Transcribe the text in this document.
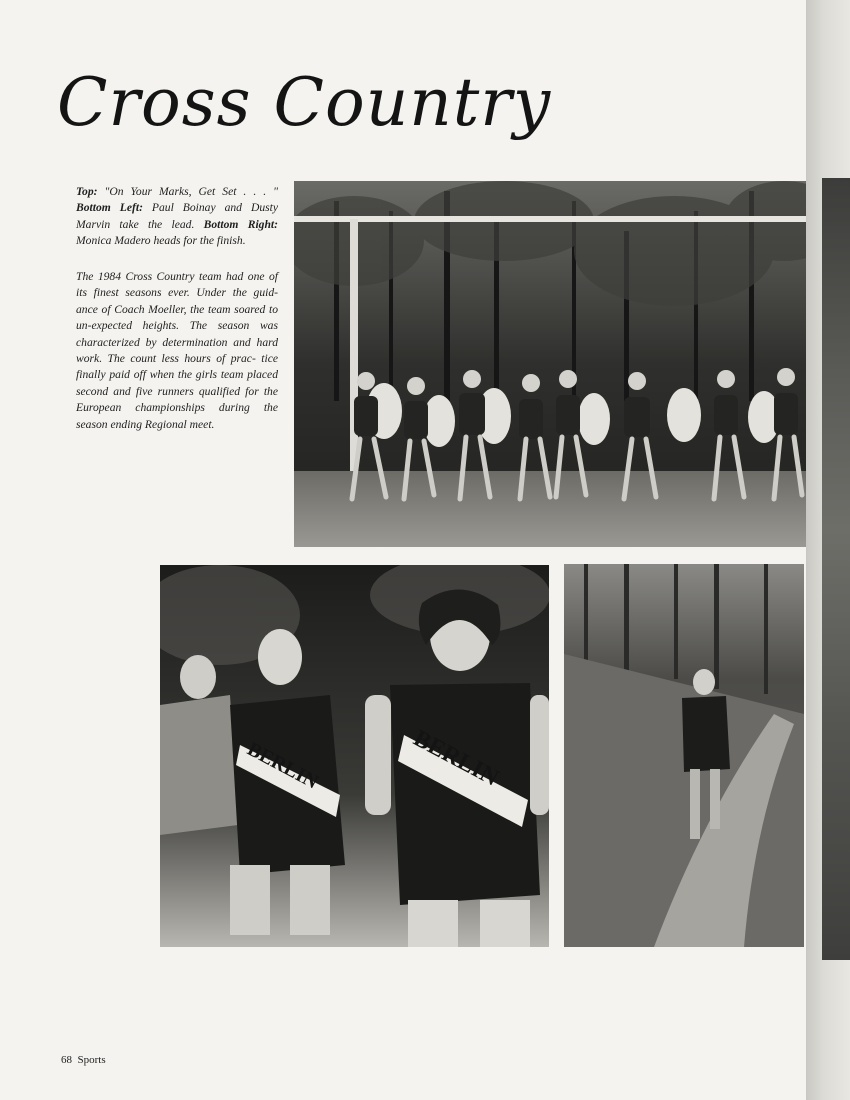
Cross Country

Top: "On Your Marks, Get Set . . . " Bottom Left: Paul Boinay and Dusty Marvin take the lead. Bottom Right: Monica Madero heads for the finish.

The 1984 Cross Country team had one of its finest seasons ever. Under the guid- ance of Coach Moeller, the team soared to un-expected heights. The season was characterized by determination and hard work. The count less hours of prac- tice finally paid off when the girls team placed second and five runners qualified for the European championships during the season ending Regional meet.

BERLIN	BERLIN

68 Sports
